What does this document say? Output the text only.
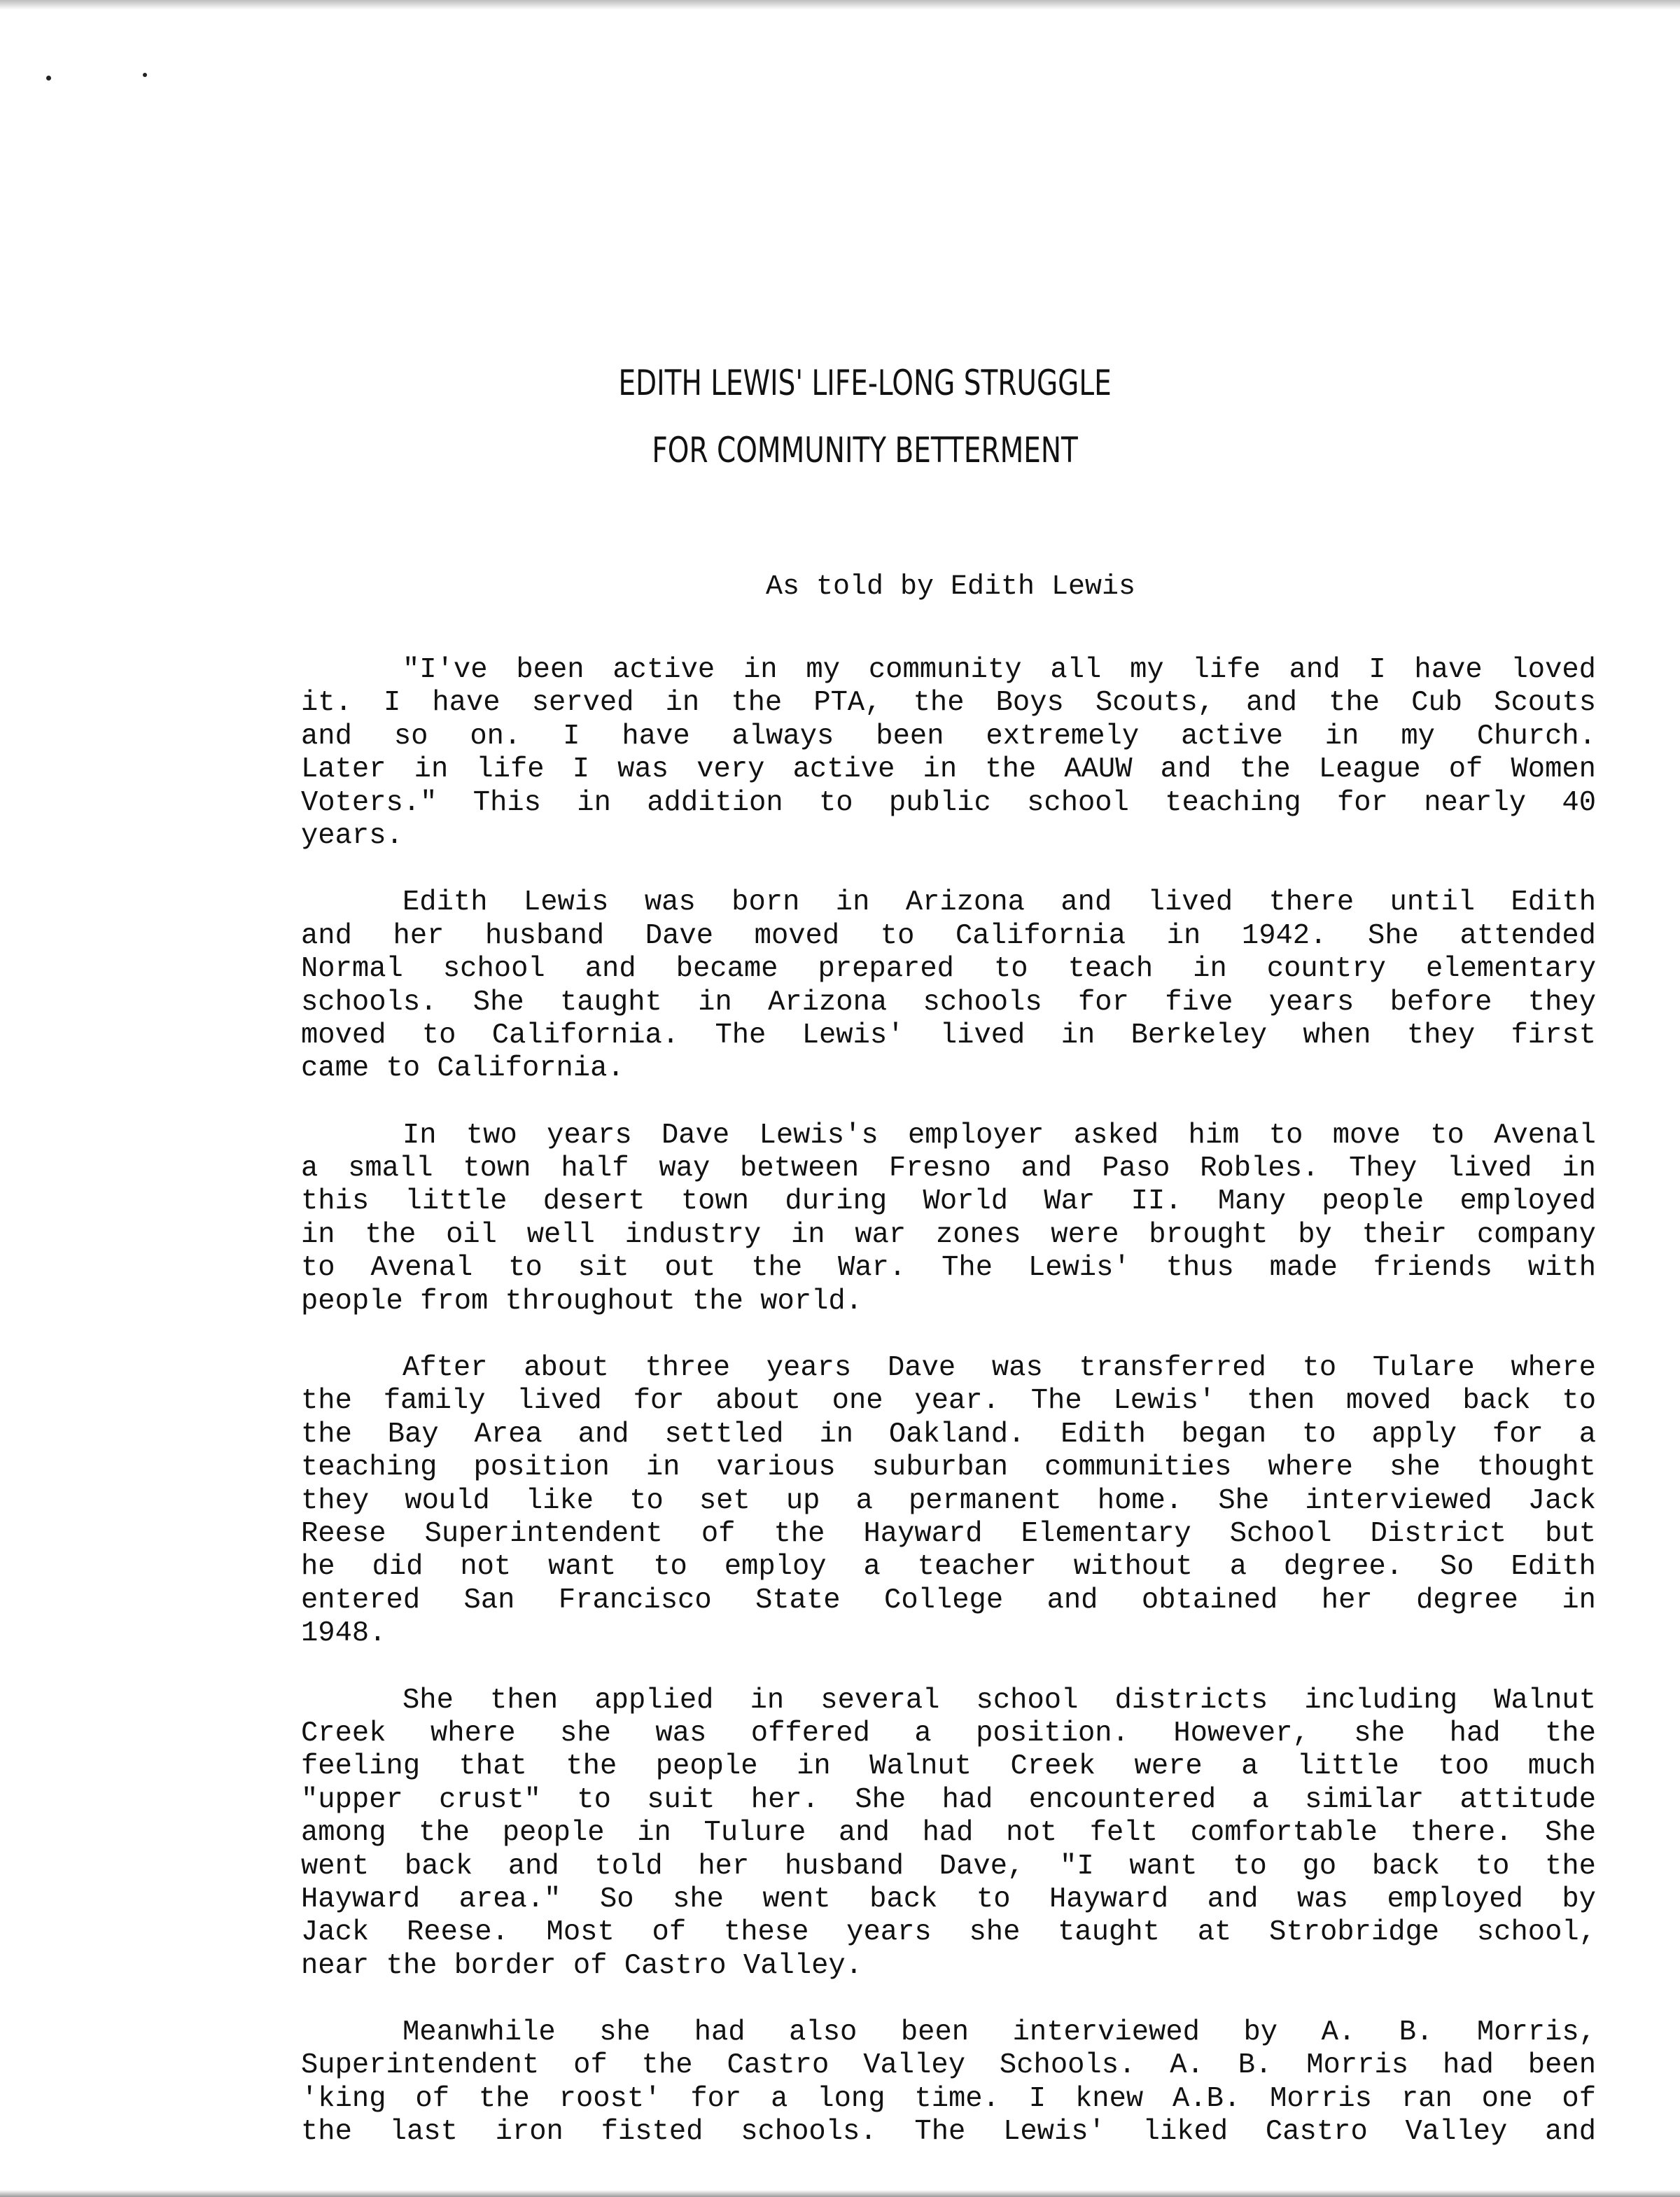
EDITH LEWIS' LIFE-LONG STRUGGLE
FOR COMMUNITY BETTERMENT
As told by Edith Lewis
"I've been active in my community all my life and I have loved
it. I have served in the PTA, the Boys Scouts, and the Cub Scouts
and so on. I have always been extremely active in my Church.
Later in life I was very active in the AAUW and the League of Women
Voters." This in addition to public school teaching for nearly 40
years.
Edith Lewis was born in Arizona and lived there until Edith
and her husband Dave moved to California in 1942. She attended
Normal school and became prepared to teach in country elementary
schools. She taught in Arizona schools for five years before they
moved to California. The Lewis' lived in Berkeley when they first
came to California.
In two years Dave Lewis's employer asked him to move to Avenal
a small town half way between Fresno and Paso Robles. They lived in
this little desert town during World War II. Many people employed
in the oil well industry in war zones were brought by their company
to Avenal to sit out the War. The Lewis' thus made friends with
people from throughout the world.
After about three years Dave was transferred to Tulare where
the family lived for about one year. The Lewis' then moved back to
the Bay Area and settled in Oakland. Edith began to apply for a
teaching position in various suburban communities where she thought
they would like to set up a permanent home. She interviewed Jack
Reese Superintendent of the Hayward Elementary School District but
he did not want to employ a teacher without a degree. So Edith
entered San Francisco State College and obtained her degree in
1948.
She then applied in several school districts including Walnut
Creek where she was offered a position. However, she had the
feeling that the people in Walnut Creek were a little too much
"upper crust" to suit her. She had encountered a similar attitude
among the people in Tulure and had not felt comfortable there. She
went back and told her husband Dave, "I want to go back to the
Hayward area." So she went back to Hayward and was employed by
Jack Reese. Most of these years she taught at Strobridge school,
near the border of Castro Valley.
Meanwhile she had also been interviewed by A. B. Morris,
Superintendent of the Castro Valley Schools. A. B. Morris had been
'king of the roost' for a long time. I knew A.B. Morris ran one of
the last iron fisted schools. The Lewis' liked Castro Valley and
